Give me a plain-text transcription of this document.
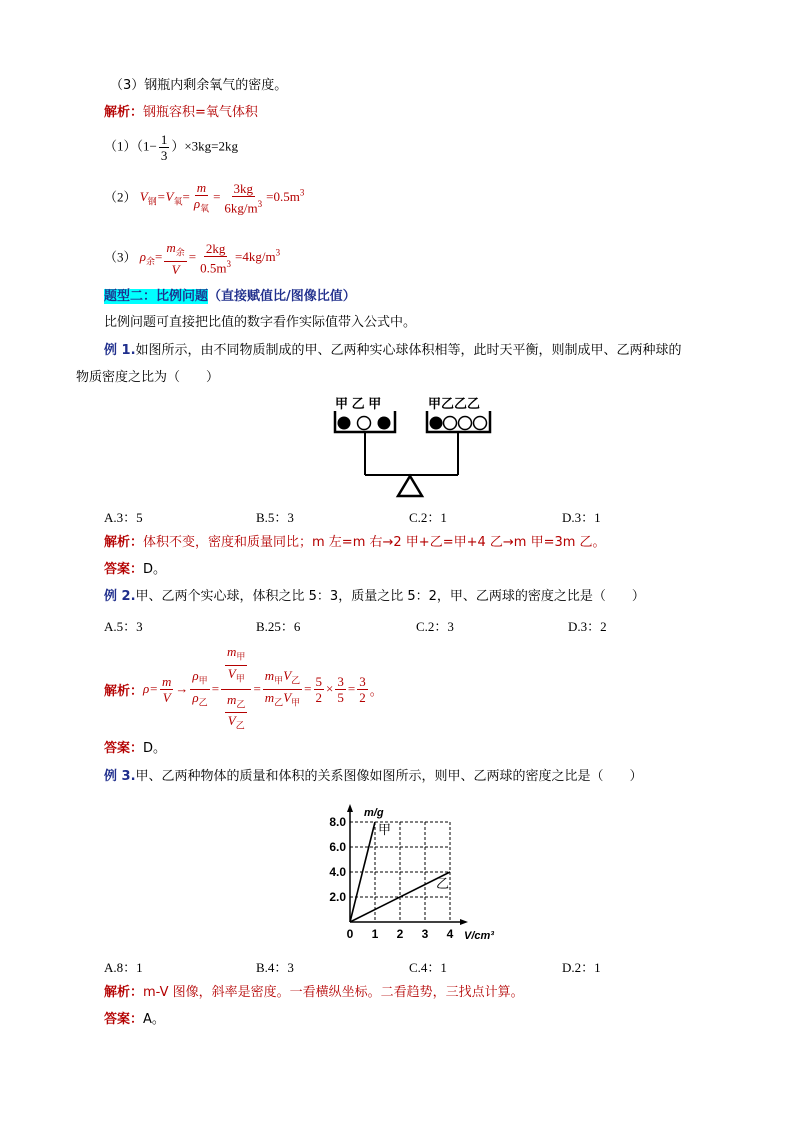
（3）钢瓶内剩余氧气的密度。
解析：钢瓶容积=氧气体积
$(1)(1- \frac{1}{3} )\times 3kg=2kg$
（2） $V_钢=V_氧= \frac{m}{\rho_氧} = \frac{3kg}{6kg/m^3} =0.5m^3$
（3） $\rho_余= \frac{m_余}{V} = \frac{2kg}{0.5m^3} =4kg/m^3$
题型二：比例问题（直接赋值比/图像比值）
比例问题可直接把比值的数字看作实际值带入公式中。
例 1.如图所示，由不同物质制成的甲、乙两种实心球体积相等，此时天平衡，则制成甲、乙两种球的
物质密度之比为（　　）
甲 乙 甲	甲乙乙乙
A.3：5	B.5：3	C.2：1	D.3：1
解析：体积不变，密度和质量同比；m 左=m 右→2 甲+乙=甲+4 乙→m 甲=3m 乙。
答案：D。
例 2.甲、乙两个实心球，体积之比 5：3，质量之比 5：2，甲、乙两球的密度之比是（　　）
A.5：3	B.25：6	C.2：3	D.3：2
解析： $\rho= \frac{m}{V} \to \frac{\rho_甲}{\rho_乙} = \frac{\frac{m_甲}{V_甲}}{\frac{m_乙}{V_乙}} = \frac{m_甲V_乙}{m_乙V_甲} = \frac{5}{2} \times \frac{3}{5} = \frac{3}{2}$ 。
答案：D。
例 3.甲、乙两种物体的质量和体积的关系图像如图所示，则甲、乙两球的密度之比是（　　）
0 1 2 3 4
2.0
4.0
6.0
8.0
V/cm³
m/g
甲
乙
A.8：1	B.4：3	C.4：1	D.2：1
解析：m-V 图像，斜率是密度。一看横纵坐标。二看趋势，三找点计算。
答案：A。
